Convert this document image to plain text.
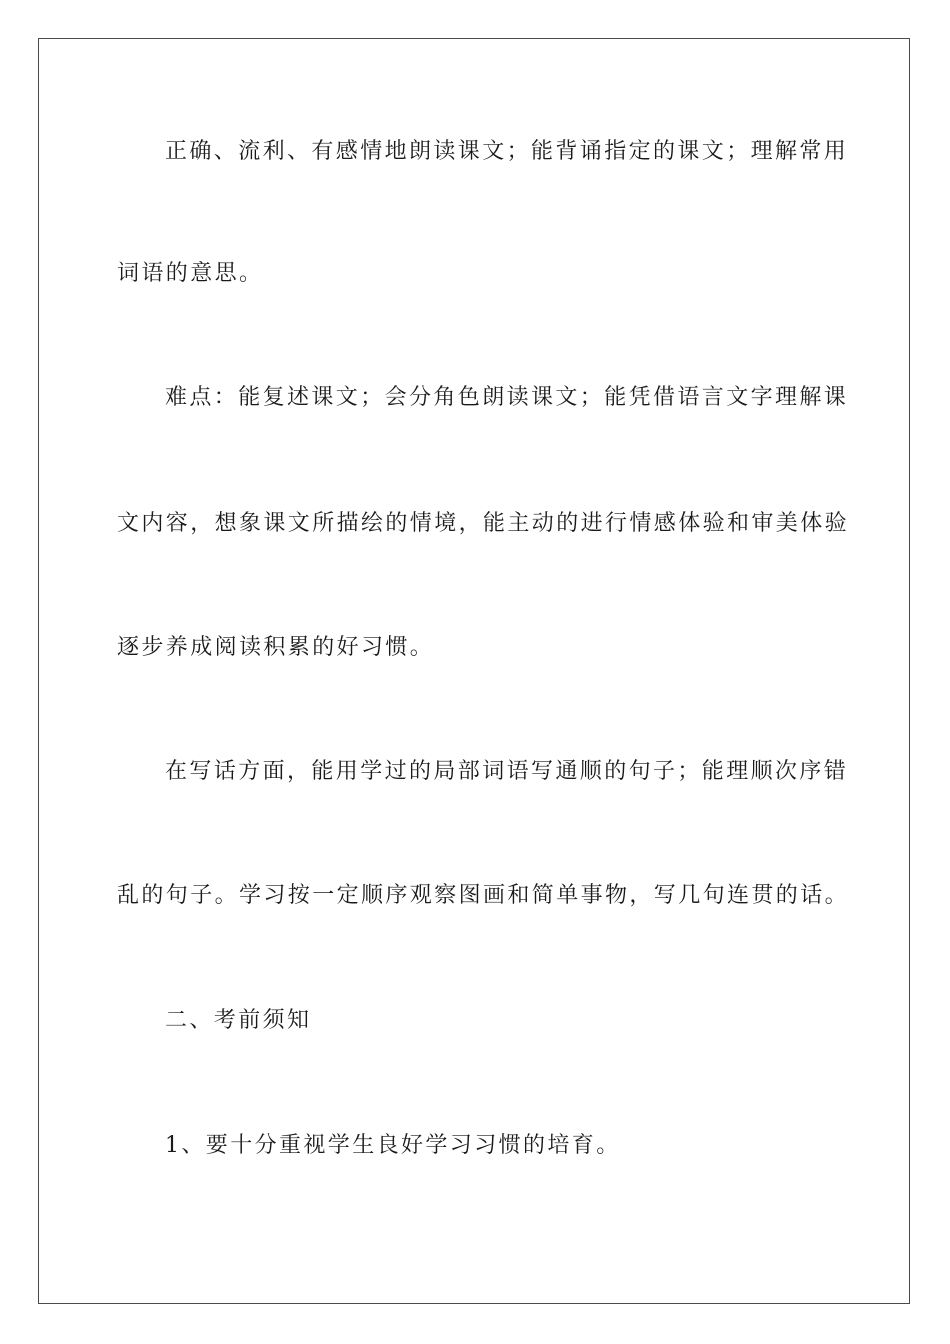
正确、流利、有感情地朗读课文；能背诵指定的课文；理解常用
词语的意思。
难点：能复述课文；会分角色朗读课文；能凭借语言文字理解课
文内容，想象课文所描绘的情境，能主动的进行情感体验和审美体验
逐步养成阅读积累的好习惯。
在写话方面，能用学过的局部词语写通顺的句子；能理顺次序错
乱的句子。学习按一定顺序观察图画和简单事物，写几句连贯的话。
二、考前须知
1、要十分重视学生良好学习习惯的培育。
